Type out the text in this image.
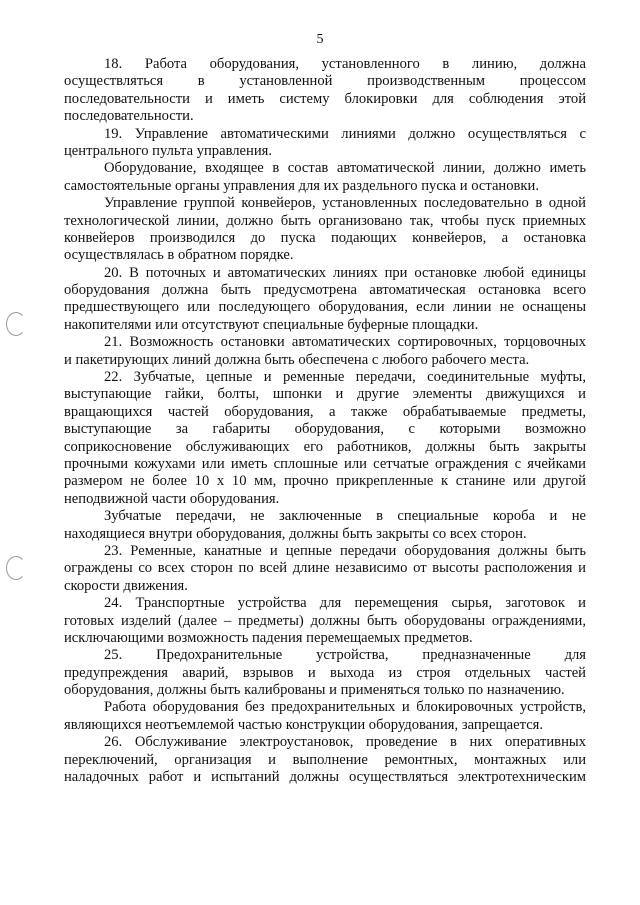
5
18. Работа оборудования, установленного в линию, должна
осуществляться в установленной производственным процессом
последовательности и иметь систему блокировки для соблюдения этой
последовательности.
19. Управление автоматическими линиями должно осуществляться с
центрального пульта управления.
Оборудование, входящее в состав автоматической линии, должно иметь
самостоятельные органы управления для их раздельного пуска и остановки.
Управление группой конвейеров, установленных последовательно в одной
технологической линии, должно быть организовано так, чтобы пуск приемных
конвейеров производился до пуска подающих конвейеров, а остановка
осуществлялась в обратном порядке.
20. В поточных и автоматических линиях при остановке любой единицы
оборудования должна быть предусмотрена автоматическая остановка всего
предшествующего или последующего оборудования, если линии не оснащены
накопителями или отсутствуют специальные буферные площадки.
21. Возможность остановки автоматических сортировочных, торцовочных
и пакетирующих линий должна быть обеспечена с любого рабочего места.
22. Зубчатые, цепные и ременные передачи, соединительные муфты,
выступающие гайки, болты, шпонки и другие элементы движущихся и
вращающихся частей оборудования, а также обрабатываемые предметы,
выступающие за габариты оборудования, с которыми возможно
соприкосновение обслуживающих его работников, должны быть закрыты
прочными кожухами или иметь сплошные или сетчатые ограждения с ячейками
размером не более 10 x 10 мм, прочно прикрепленные к станине или другой
неподвижной части оборудования.
Зубчатые передачи, не заключенные в специальные короба и не
находящиеся внутри оборудования, должны быть закрыты со всех сторон.
23. Ременные, канатные и цепные передачи оборудования должны быть
ограждены со всех сторон по всей длине независимо от высоты расположения и
скорости движения.
24. Транспортные устройства для перемещения сырья, заготовок и
готовых изделий (далее – предметы) должны быть оборудованы ограждениями,
исключающими возможность падения перемещаемых предметов.
25. Предохранительные устройства, предназначенные для
предупреждения аварий, взрывов и выхода из строя отдельных частей
оборудования, должны быть калиброваны и применяться только по назначению.
Работа оборудования без предохранительных и блокировочных устройств,
являющихся неотъемлемой частью конструкции оборудования, запрещается.
26. Обслуживание электроустановок, проведение в них оперативных
переключений, организация и выполнение ремонтных, монтажных или
наладочных работ и испытаний должны осуществляться электротехническим
